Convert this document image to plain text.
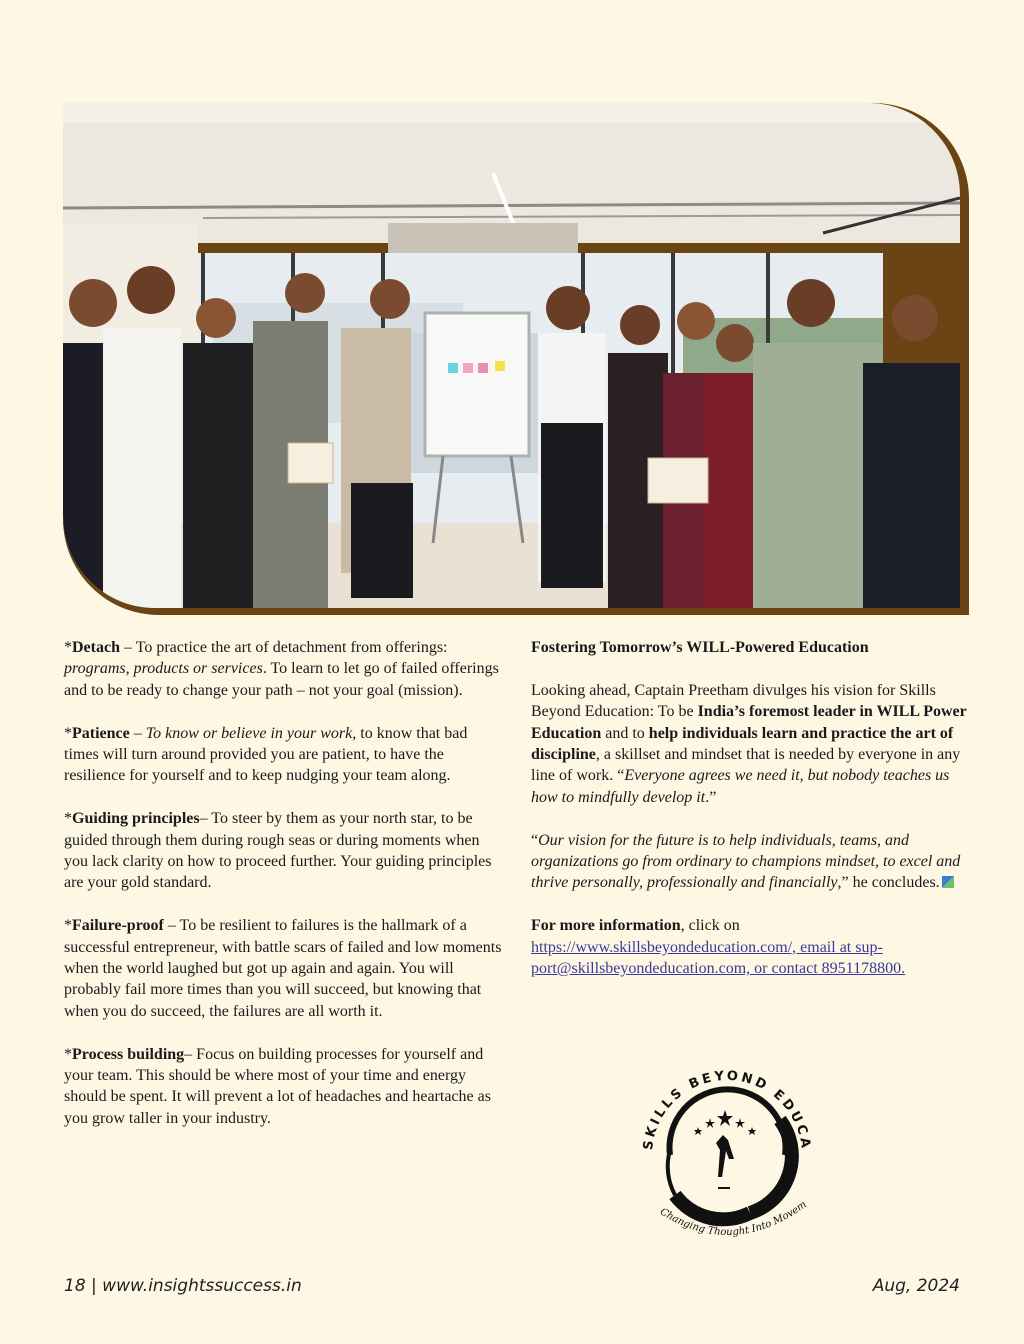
*Detach – To practice the art of detachment from offerings: programs, products or services. To learn to let go of failed offerings and to be ready to change your path – not your goal (mission).

*Patience – To know or believe in your work, to know that bad times will turn around provided you are patient, to have the resilience for yourself and to keep nudging your team along.

*Guiding principles– To steer by them as your north star, to be guided through them during rough seas or during moments when you lack clarity on how to proceed further. Your guiding principles are your gold standard.

*Failure-proof – To be resilient to failures is the hallmark of a successful entrepreneur, with battle scars of failed and low moments when the world laughed but got up again and again. You will probably fail more times than you will succeed, but knowing that when you do succeed, the failures are all worth it.

*Process building– Focus on building processes for yourself and your team. This should be where most of your time and energy should be spent. It will prevent a lot of headaches and heartache as you grow taller in your industry.

Fostering Tomorrow’s WILL-Powered Education

Looking ahead, Captain Preetham divulges his vision for Skills Beyond Education: To be India’s foremost leader in WILL Power Education and to help individuals learn and practice the art of discipline, a skillset and mindset that is needed by everyone in any line of work. “Everyone agrees we need it, but nobody teaches us how to mindfully develop it.”

“Our vision for the future is to help individuals, teams, and organizations go from ordinary to champions mindset, to excel and thrive personally, professionally and financially,” he concludes.

For more information, click on https://www.skillsbeyondeducation.com/, email at sup-port@skillsbeyondeducation.com, or contact 8951178800.

SKILLS BEYOND EDUCA
Changing Thought Into Movem
18 | www.insightssuccess.in	Aug, 2024
